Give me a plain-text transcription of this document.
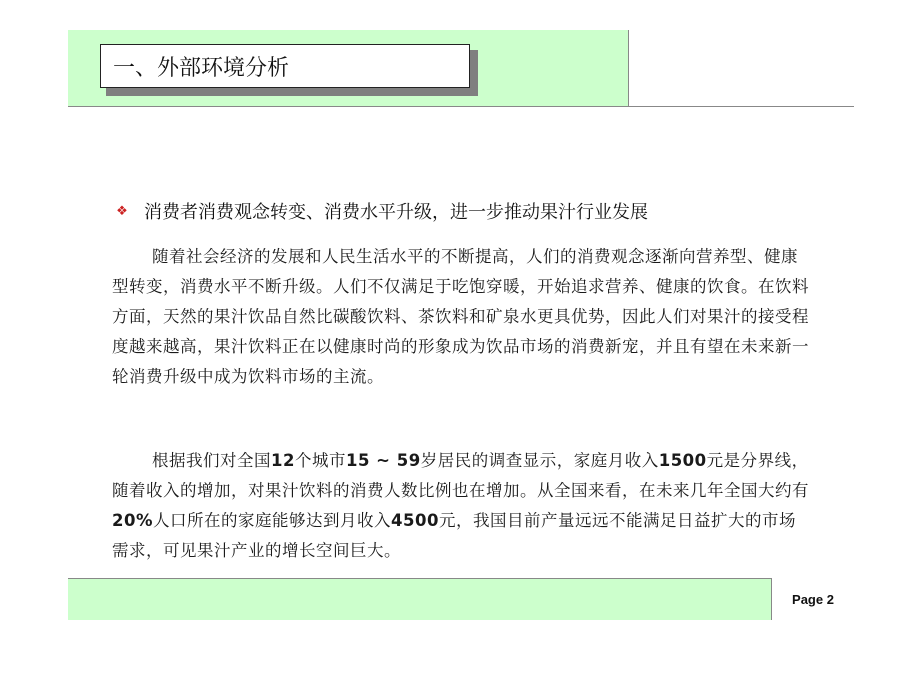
一、外部环境分析
❖ 消费者消费观念转变、消费水平升级，进一步推动果汁行业发展

随着社会经济的发展和人民生活水平的不断提高，人们的消费观念逐渐向营养型、健康型转变，消费水平不断升级。人们不仅满足于吃饱穿暖，开始追求营养、健康的饮食。在饮料方面，天然的果汁饮品自然比碳酸饮料、茶饮料和矿泉水更具优势，因此人们对果汁的接受程度越来越高，果汁饮料正在以健康时尚的形象成为饮品市场的消费新宠，并且有望在未来新一轮消费升级中成为饮料市场的主流。

根据我们对全国12个城市15 ~ 59岁居民的调查显示，家庭月收入1500元是分界线，随着收入的增加，对果汁饮料的消费人数比例也在增加。从全国来看，在未来几年全国大约有20%人口所在的家庭能够达到月收入4500元，我国目前产量远远不能满足日益扩大的市场需求，可见果汁产业的增长空间巨大。

Page 2
